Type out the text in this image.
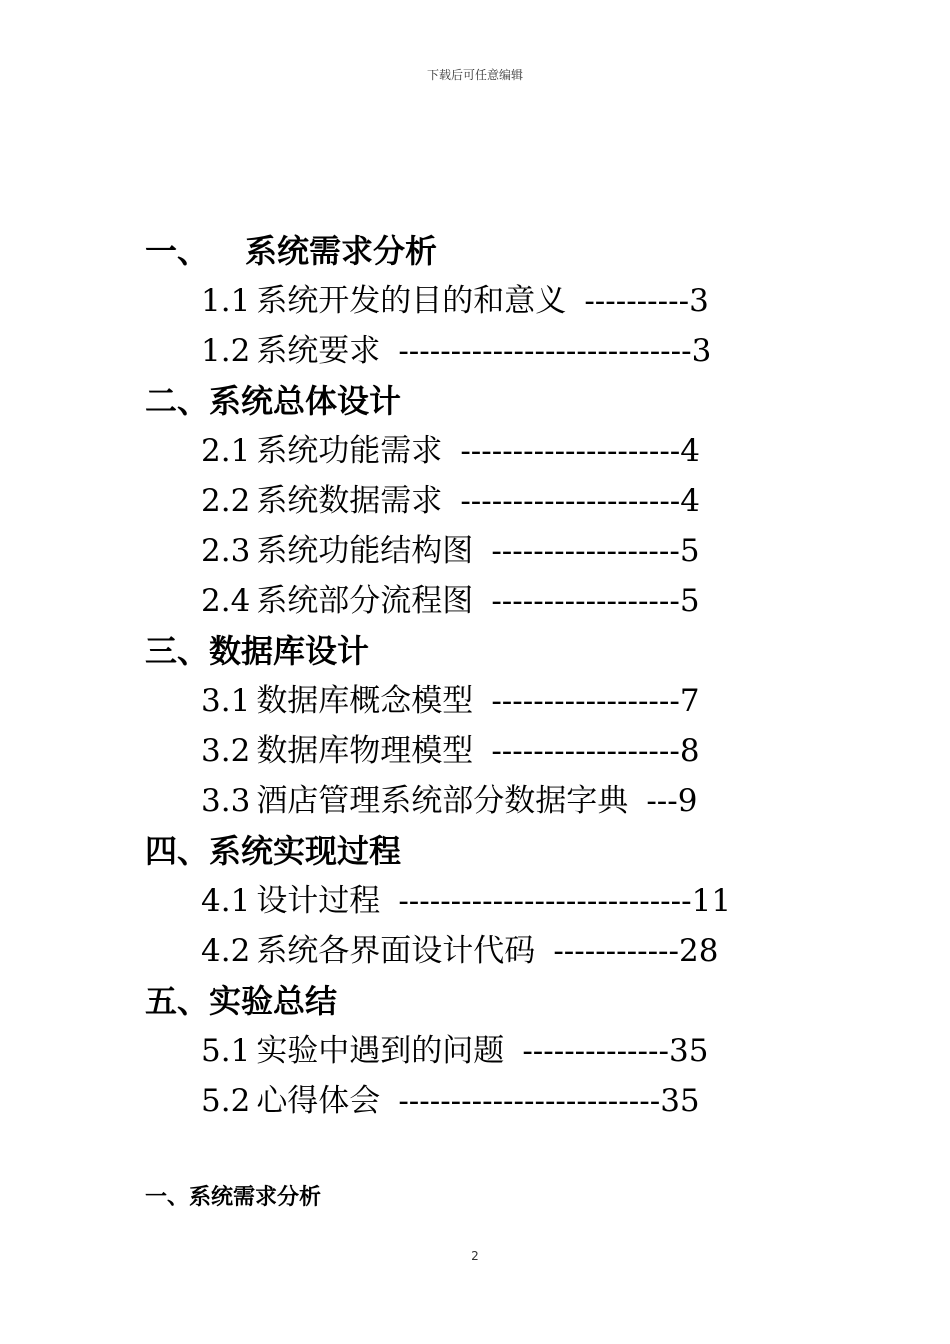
下载后可任意编辑
一、 系统需求分析
1.1 系统开发的目的和意义 ----------3
1.2 系统要求 ----------------------------3
二、系统总体设计
2.1 系统功能需求 ---------------------4
2.2 系统数据需求 ---------------------4
2.3 系统功能结构图 ------------------5
2.4 系统部分流程图 ------------------5
三、数据库设计
3.1 数据库概念模型 ------------------7
3.2 数据库物理模型 ------------------8
3.3 酒店管理系统部分数据字典 ---9
四、系统实现过程
4.1 设计过程 ----------------------------11
4.2 系统各界面设计代码 ------------28
五、实验总结
5.1 实验中遇到的问题 --------------35
5.2 心得体会 -------------------------35
一、系统需求分析
2
